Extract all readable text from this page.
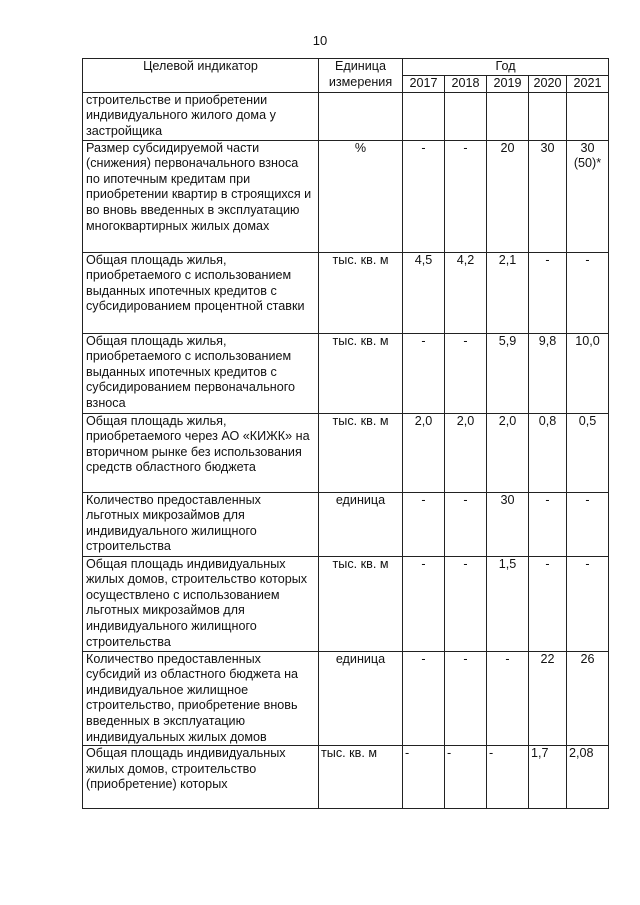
10
Целевой индикатор	Единица измерения	Год				
		2017	2018	2019	2020	2021
строительстве и приобретении индивидуального жилого дома у застройщика						
Размер субсидируемой части (снижения) первоначального взноса по ипотечным кредитам при приобретении квартир в строящихся и во вновь введенных в эксплуатацию многоквартирных жилых домах	%	-	-	20	30	30 (50)*
Общая площадь жилья, приобретаемого с использованием выданных ипотечных кредитов с субсидированием процентной ставки	тыс. кв. м	4,5	4,2	2,1	-	-
Общая площадь жилья, приобретаемого с использованием выданных ипотечных кредитов с субсидированием первоначального взноса	тыс. кв. м	-	-	5,9	9,8	10,0
Общая площадь жилья, приобретаемого через АО «КИЖК» на вторичном рынке без использования средств областного бюджета	тыс. кв. м	2,0	2,0	2,0	0,8	0,5
Количество предоставленных льготных микрозаймов для индивидуального жилищного строительства	единица	-	-	30	-	-
Общая площадь индивидуальных жилых домов, строительство которых осуществлено с использованием льготных микрозаймов для индивидуального жилищного строительства	тыс. кв. м	-	-	1,5	-	-
Количество предоставленных субсидий из областного бюджета на индивидуальное жилищное строительство, приобретение вновь введенных в эксплуатацию индивидуальных жилых домов	единица	-	-	-	22	26
Общая площадь индивидуальных жилых домов, строительство (приобретение) которых	тыс. кв. м	-	-	-	1,7	2,08
